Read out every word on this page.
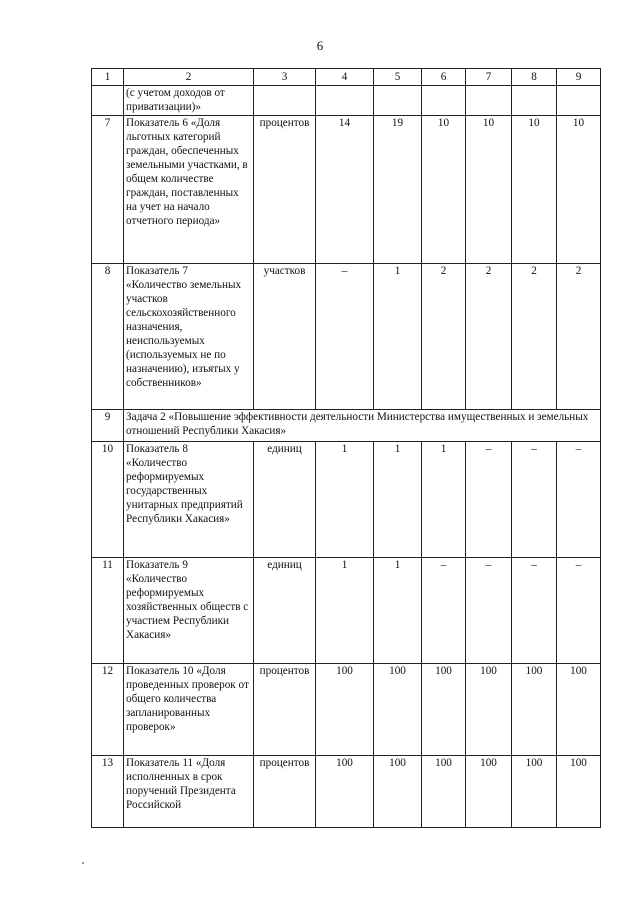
6
1	2	3	4	5	6	7	8	9
	(с учетом доходов от приватизации)»							
7	Показатель 6 «Доля льготных категорий граждан, обеспеченных земельными участками, в общем количестве граждан, поставленных на учет на начало отчетного периода»	процентов	14	19	10	10	10	10
8	Показатель 7 «Количество земельных участков сельскохозяйственного назначения, неиспользуемых (используемых не по назначению), изъятых у собственников»	участков	–	1	2	2	2	2
9	Задача 2 «Повышение эффективности деятельности Министерства имущественных и земельных отношений Республики Хакасия»							
10	Показатель 8 «Количество реформируемых государственных унитарных предприятий Республики Хакасия»	единиц	1	1	1	–	–	–
11	Показатель 9 «Количество реформируемых хозяйственных обществ с участием Республики Хакасия»	единиц	1	1	–	–	–	–
12	Показатель 10 «Доля проведенных проверок от общего количества запланированных проверок»	процентов	100	100	100	100	100	100
13	Показатель 11 «Доля исполненных в срок поручений Президента Российской	процентов	100	100	100	100	100	100
